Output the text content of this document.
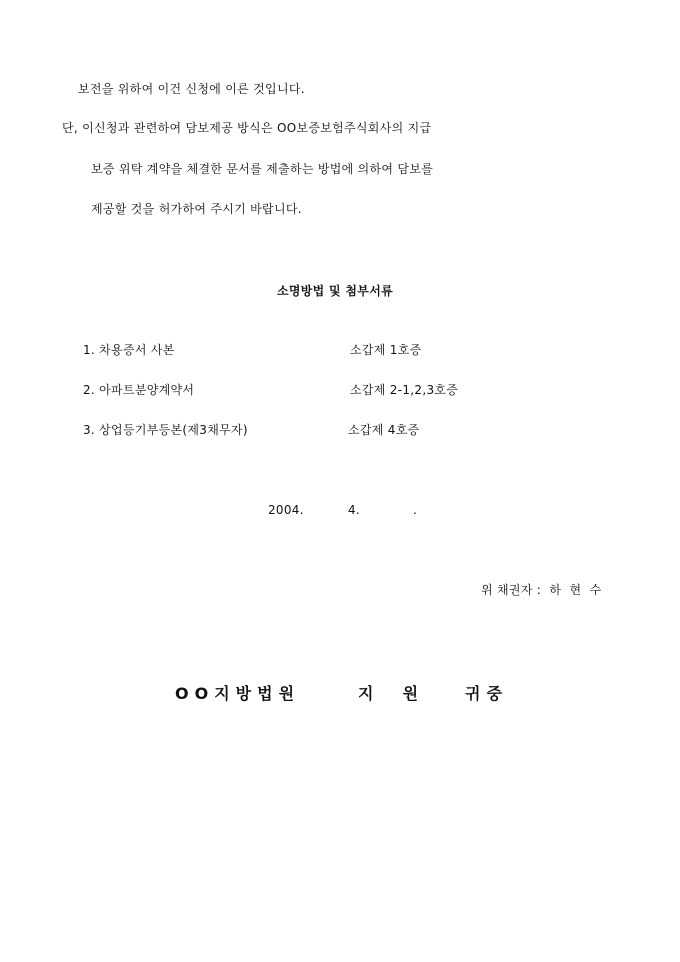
보전을 위하여 이건 신청에 이른 것입니다.
단, 이신청과 관련하여 담보제공 방식은 OO보증보험주식회사의 지급
보증 위탁 계약을 체결한 문서를 제출하는 방법에 의하여 담보를
제공할 것을 허가하여 주시기 바랍니다.
소명방법 및 첨부서류
1. 차용증서 사본	소갑제 1호증
2. 아파트분양계약서	소갑제 2-1,2,3호증
3. 상업등기부등본(제3채무자)	소갑제 4호증
2004.	4.	.
위 채권자 :  하  현  수
OO지방법원	지  원	귀중
